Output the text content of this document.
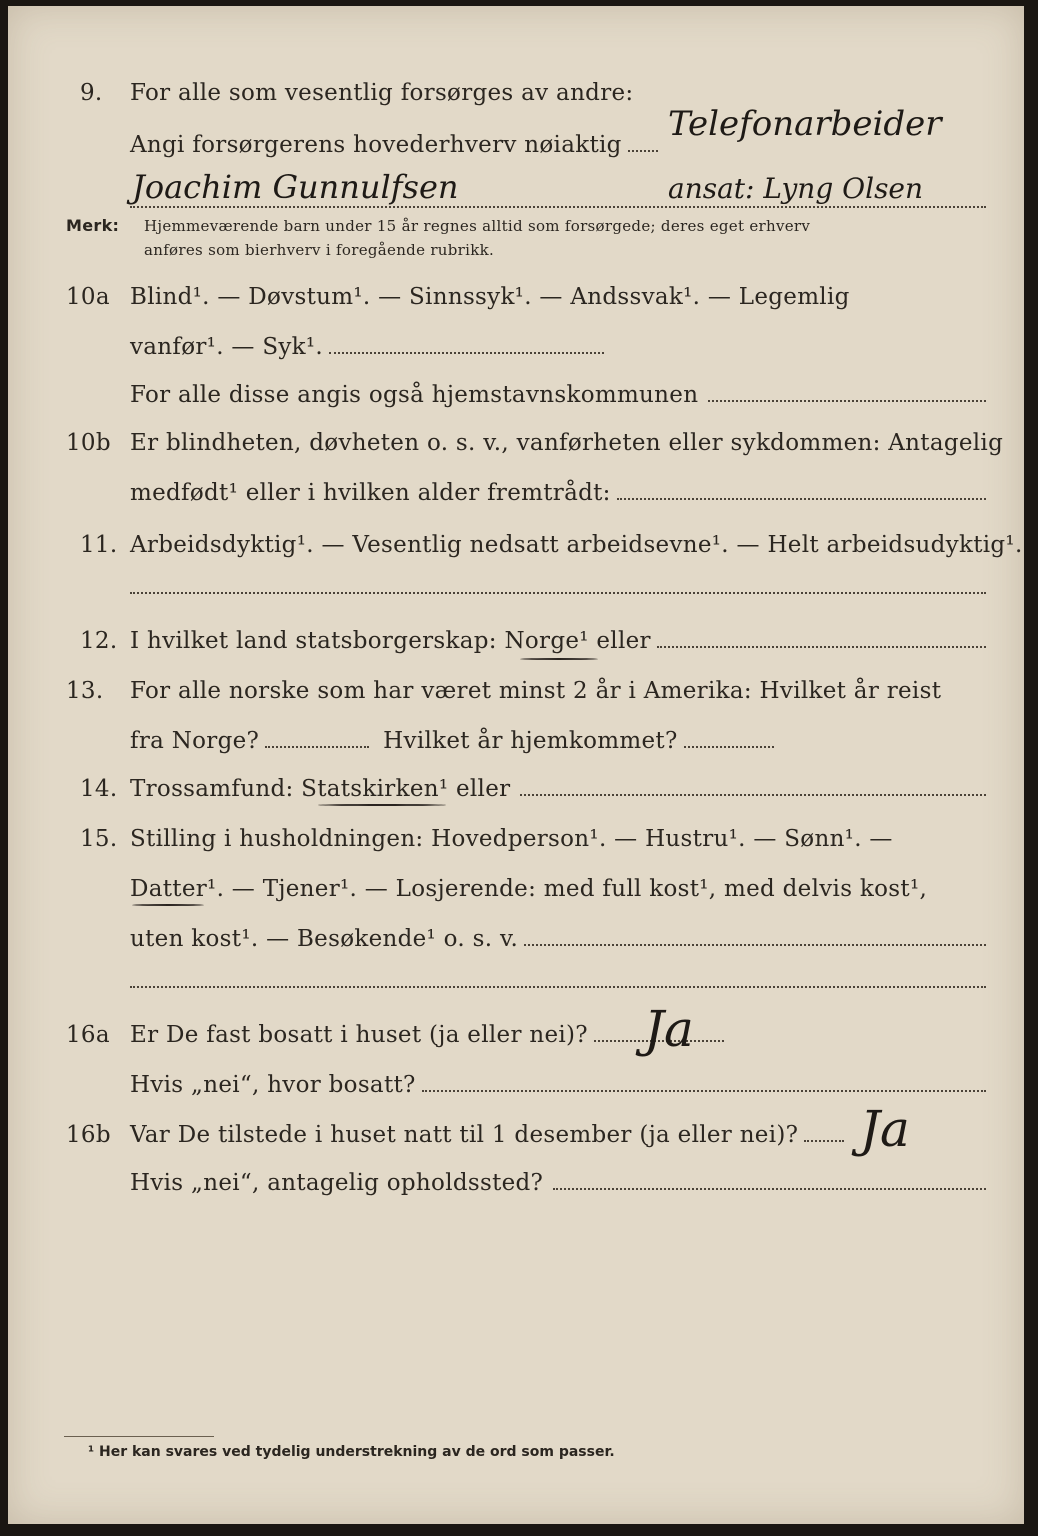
9. For alle som vesentlig forsørges av andre:
Telefonarbeider
Angi forsørgerens hovederhverv nøiaktig
Joachim Gunnulfsen	ansat: Lyng Olsen
Merk: Hjemmeværende barn under 15 år regnes alltid som forsørgede; deres eget erhverv
anføres som bierhverv i foregående rubrikk.
10a Blind¹. — Døvstum¹. — Sinnssyk¹. — Andssvak¹. — Legemlig
vanfør¹. — Syk¹.
For alle disse angis også hjemstavnskommunen
10b Er blindheten, døvheten o. s. v., vanførheten eller sykdommen: Antagelig
medfødt¹ eller i hvilken alder fremtrådt:
11. Arbeidsdyktig¹. — Vesentlig nedsatt arbeidsevne¹. — Helt arbeidsudyktig¹.
12. I hvilket land statsborgerskap: Norge¹ eller
13. For alle norske som har været minst 2 år i Amerika: Hvilket år reist
fra Norge?	Hvilket år hjemkommet?
14. Trossamfund: Statskirken¹ eller
15. Stilling i husholdningen: Hovedperson¹. — Hustru¹. — Sønn¹. —
Datter¹. — Tjener¹. — Losjerende: med full kost¹, med delvis kost¹,
uten kost¹. — Besøkende¹ o. s. v.
16a Er De fast bosatt i huset (ja eller nei)? Ja
Hvis „nei“, hvor bosatt?
16b Var De tilstede i huset natt til 1 desember (ja eller nei)? Ja
Hvis „nei“, antagelig opholdssted?
¹ Her kan svares ved tydelig understrekning av de ord som passer.
